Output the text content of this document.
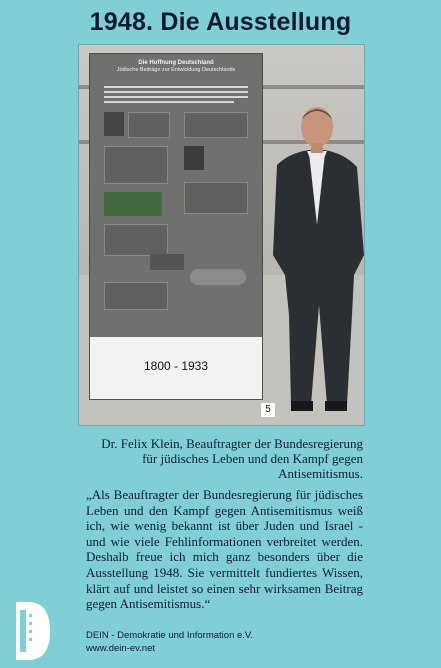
1948. Die Ausstellung
Die Hoffnung Deutschland
Jüdische Beiträge zur Entwicklung Deutschlands
1800 - 1933
5
Dr. Felix Klein, Beauftragter der Bundesregierung für jüdisches Leben und den Kampf gegen Antisemitismus.
„Als Beauftragter der Bundesregierung für jüdisches Leben und den Kampf gegen Antisemitismus weiß ich, wie wenig bekannt ist über Juden und Israel - und wie viele Fehlinformationen verbreitet werden. Deshalb freue ich mich ganz besonders über die Ausstellung 1948. Sie vermittelt fundiertes Wissen, klärt auf und leistet so einen sehr wirksamen Beitrag gegen Antisemitismus.“
DEIN - Demokratie und Information e.V.
www.dein-ev.net
